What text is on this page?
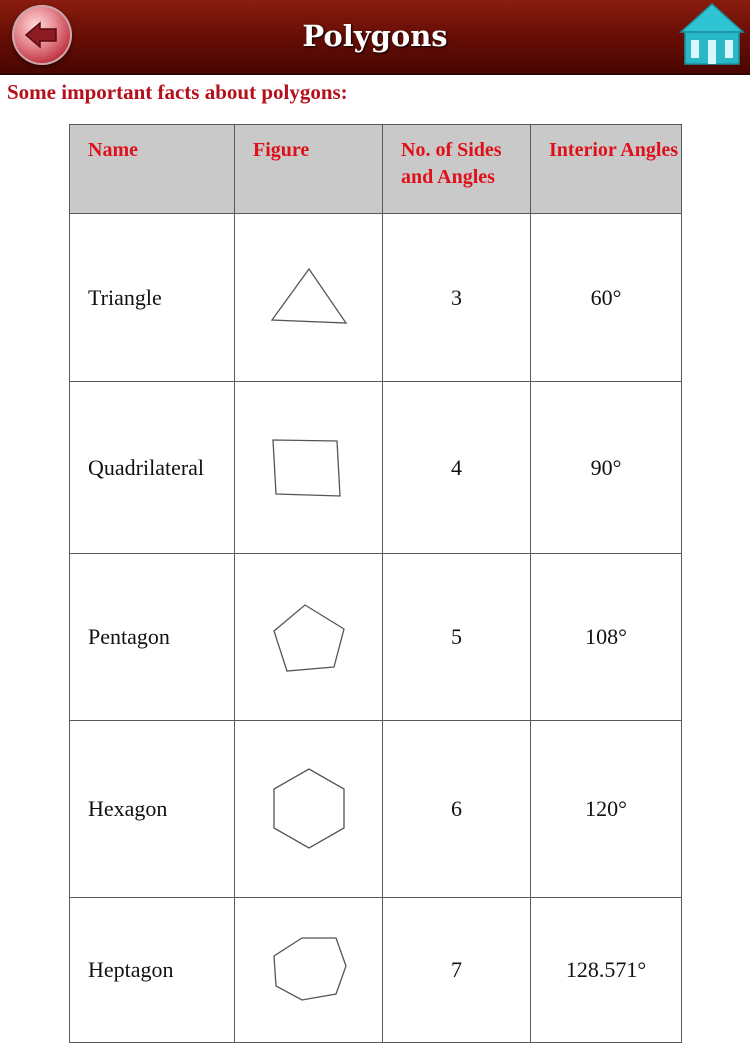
Polygons
Some important facts about polygons:
Name	Figure	No. of Sides and Angles	Interior Angles
Triangle		3	60°
Quadrilateral		4	90°
Pentagon		5	108°
Hexagon		6	120°
Heptagon		7	128.571°
